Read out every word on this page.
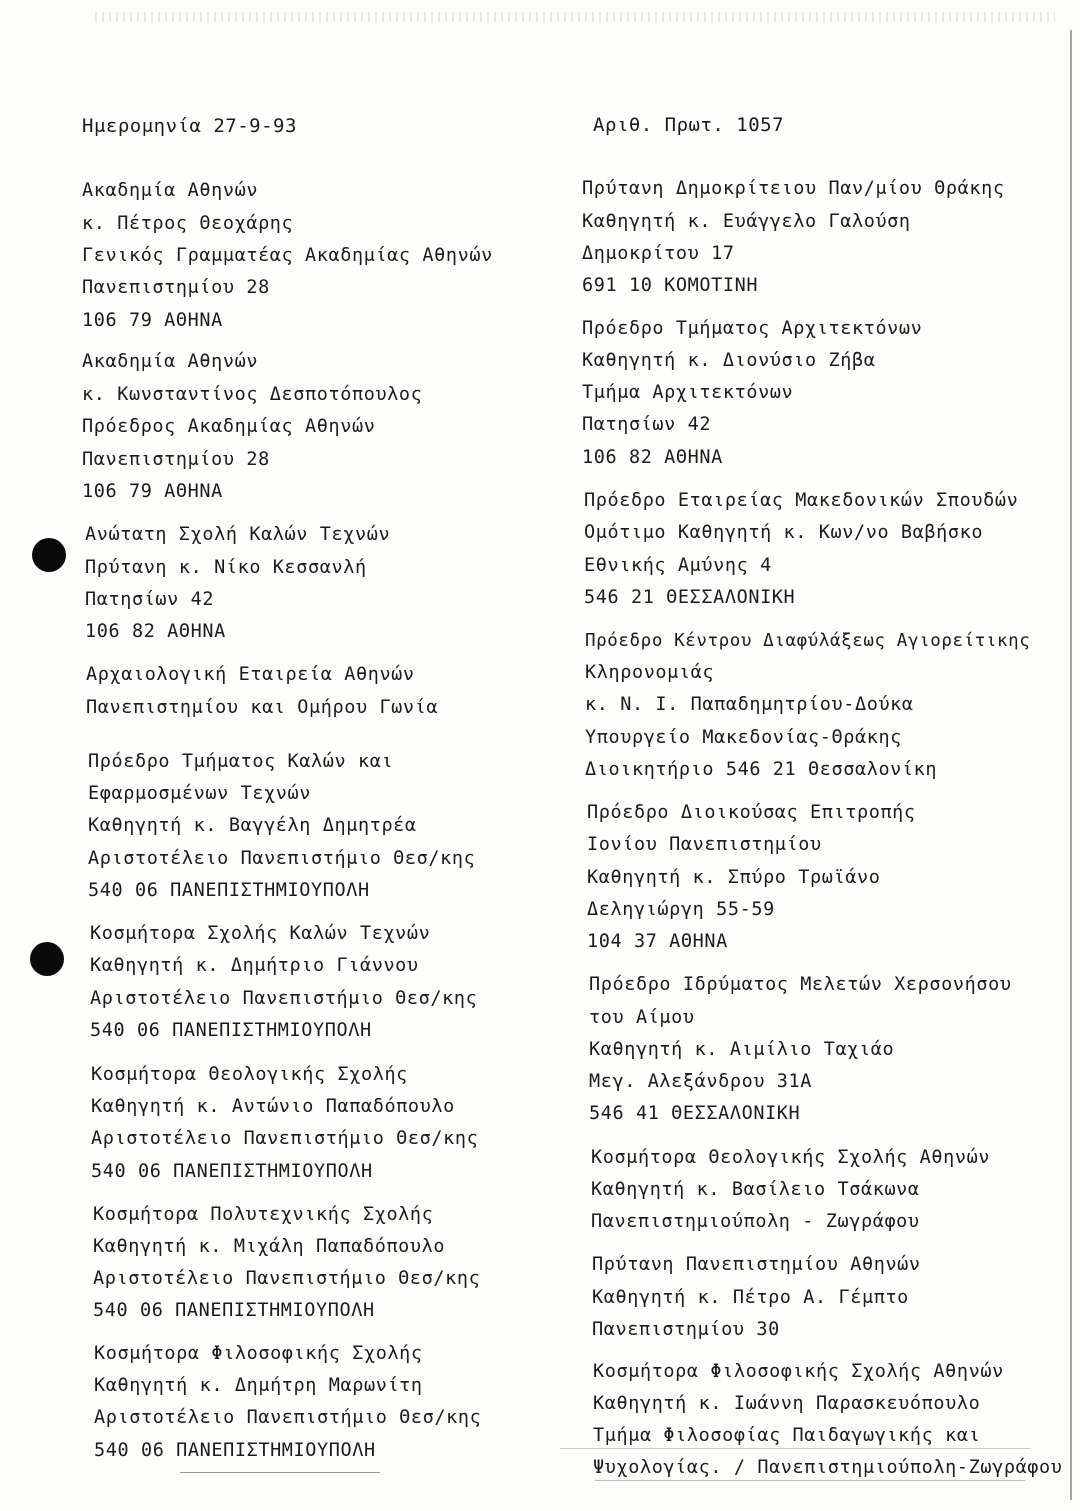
Ημερομηνία 27-9-93	Αριθ. Πρωτ. 1057
Ακαδημία Αθηνών
κ. Πέτρος Θεοχάρης
Γενικός Γραμματέας Ακαδημίας Αθηνών
Πανεπιστημίου 28
106 79 ΑΘΗΝΑ
Ακαδημία Αθηνών
κ. Κωνσταντίνος Δεσποτόπουλος
Πρόεδρος Ακαδημίας Αθηνών
Πανεπιστημίου 28
106 79 ΑΘΗΝΑ
Ανώτατη Σχολή Καλών Τεχνών
Πρύτανη κ. Νίκο Κεσσανλή
Πατησίων 42
106 82 ΑΘΗΝΑ
Αρχαιολογική Εταιρεία Αθηνών
Πανεπιστημίου και Ομήρου Γωνία
Πρόεδρο Τμήματος Καλών και
Εφαρμοσμένων Τεχνών
Καθηγητή κ. Βαγγέλη Δημητρέα
Αριστοτέλειο Πανεπιστήμιο Θεσ/κης
540 06 ΠΑΝΕΠΙΣΤΗΜΙΟΥΠΟΛΗ
Κοσμήτορα Σχολής Καλών Τεχνών
Καθηγητή κ. Δημήτριο Γιάννου
Αριστοτέλειο Πανεπιστήμιο Θεσ/κης
540 06 ΠΑΝΕΠΙΣΤΗΜΙΟΥΠΟΛΗ
Κοσμήτορα Θεολογικής Σχολής
Καθηγητή κ. Αντώνιο Παπαδόπουλο
Αριστοτέλειο Πανεπιστήμιο Θεσ/κης
540 06 ΠΑΝΕΠΙΣΤΗΜΙΟΥΠΟΛΗ
Κοσμήτορα Πολυτεχνικής Σχολής
Καθηγητή κ. Μιχάλη Παπαδόπουλο
Αριστοτέλειο Πανεπιστήμιο Θεσ/κης
540 06 ΠΑΝΕΠΙΣΤΗΜΙΟΥΠΟΛΗ
Κοσμήτορα Φιλοσοφικής Σχολής
Καθηγητή κ. Δημήτρη Μαρωνίτη
Αριστοτέλειο Πανεπιστήμιο Θεσ/κης
540 06 ΠΑΝΕΠΙΣΤΗΜΙΟΥΠΟΛΗ
Πρύτανη Δημοκρίτειου Παν/μίου Θράκης
Καθηγητή κ. Ευάγγελο Γαλούση
Δημοκρίτου 17
691 10 ΚΟΜΟΤΙΝΗ
Πρόεδρο Τμήματος Αρχιτεκτόνων
Καθηγητή κ. Διονύσιο Ζήβα
Τμήμα Αρχιτεκτόνων
Πατησίων 42
106 82 ΑΘΗΝΑ
Πρόεδρο Εταιρείας Μακεδονικών Σπουδών
Ομότιμο Καθηγητή κ. Κων/νο Βαβήσκο
Εθνικής Αμύνης 4
546 21 ΘΕΣΣΑΛΟΝΙΚΗ
Πρόεδρο Κέντρου Διαφύλάξεως Αγιορείτικης
Κληρονομιάς
κ. Ν. Ι. Παπαδημητρίου-Δούκα
Υπουργείο Μακεδονίας-Θράκης
Διοικητήριο 546 21 Θεσσαλονίκη
Πρόεδρο Διοικούσας Επιτροπής
Ιονίου Πανεπιστημίου
Καθηγητή κ. Σπύρο Τρωϊάνο
Δεληγιώργη 55-59
104 37 ΑΘΗΝΑ
Πρόεδρο Ιδρύματος Μελετών Χερσονήσου
του Αίμου
Καθηγητή κ. Αιμίλιο Ταχιάο
Μεγ. Αλεξάνδρου 31Α
546 41 ΘΕΣΣΑΛΟΝΙΚΗ
Κοσμήτορα Θεολογικής Σχολής Αθηνών
Καθηγητή κ. Βασίλειο Τσάκωνα
Πανεπιστημιούπολη - Ζωγράφου
Πρύτανη Πανεπιστημίου Αθηνών
Καθηγητή κ. Πέτρο Α. Γέμπτο
Πανεπιστημίου 30
Κοσμήτορα Φιλοσοφικής Σχολής Αθηνών
Καθηγητή κ. Ιωάννη Παρασκευόπουλο
Τμήμα Φιλοσοφίας Παιδαγωγικής και
Ψυχολογίας. / Πανεπιστημιούπολη-Ζωγράφου
